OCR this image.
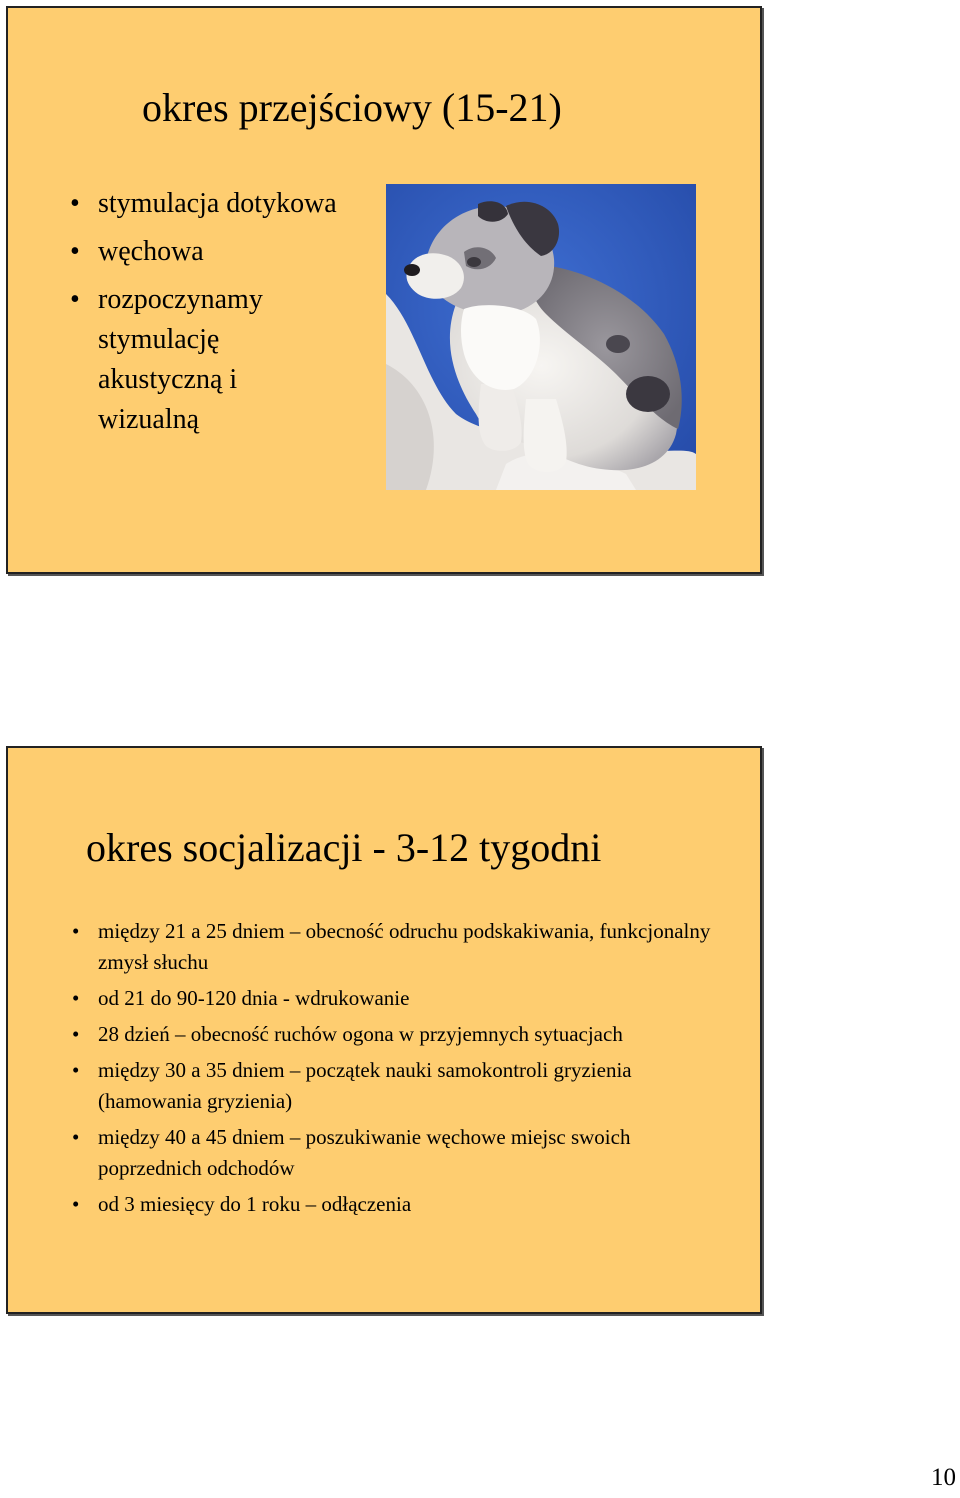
okres przejściowy (15-21)
• stymulacja dotykowa
• węchowa
• rozpoczynamy stymulację akustyczną i wizualną
okres socjalizacji - 3-12 tygodni
• między 21 a 25 dniem – obecność odruchu podskakiwania, funkcjonalny zmysł słuchu
• od 21 do 90-120 dnia - wdrukowanie
• 28 dzień – obecność ruchów ogona w przyjemnych sytuacjach
• między 30 a 35 dniem – początek nauki samokontroli gryzienia (hamowania gryzienia)
• między 40 a 45 dniem – poszukiwanie węchowe miejsc swoich poprzednich odchodów
• od 3 miesięcy do 1 roku – odłączenia
10
